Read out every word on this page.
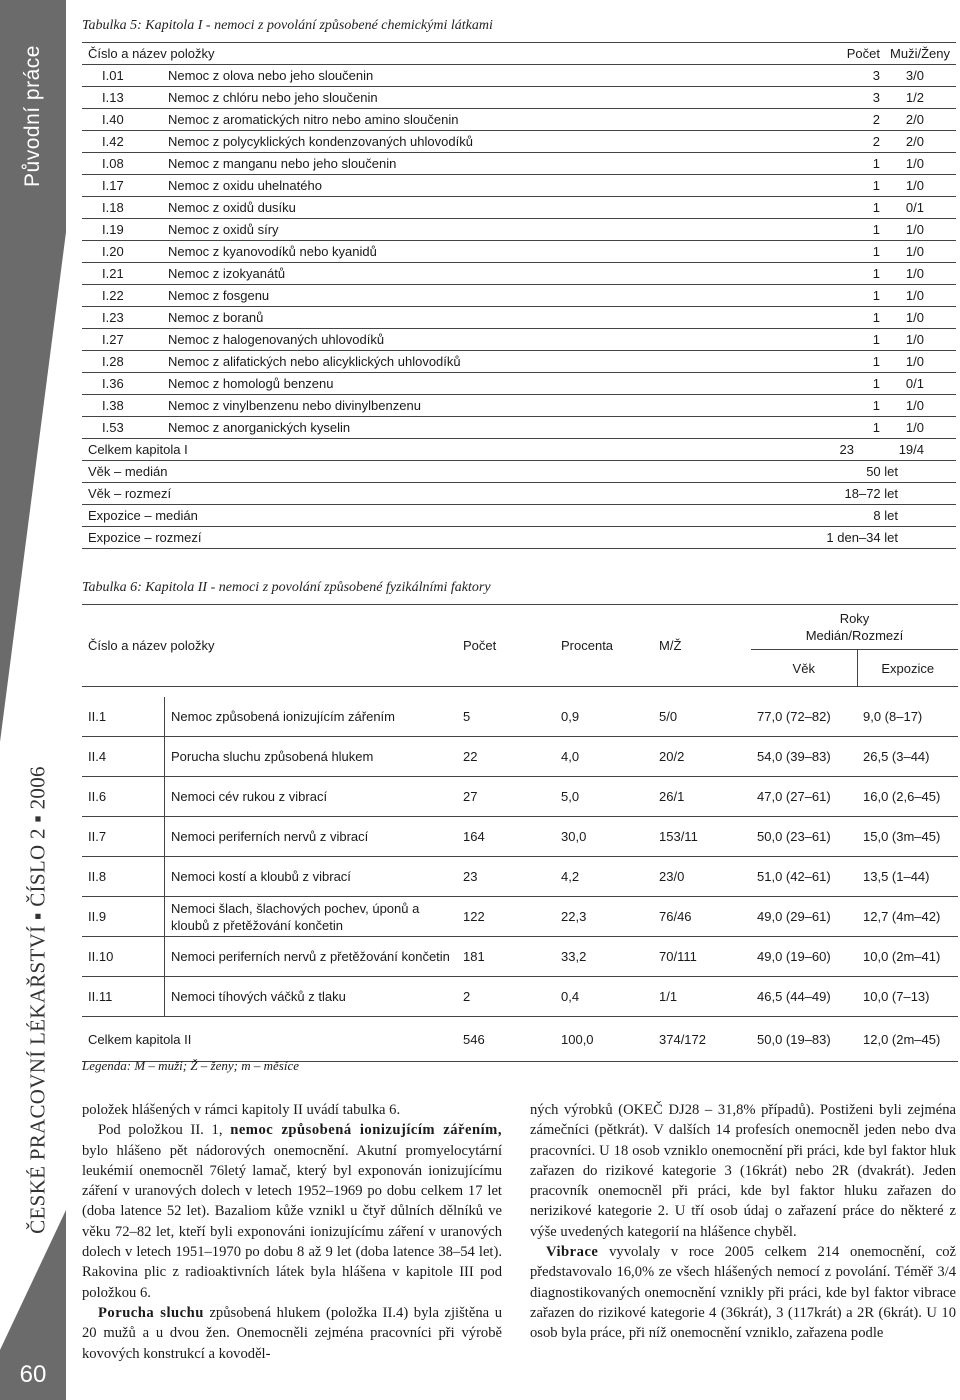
Původní práce
ČESKÉ PRACOVNÍ LÉKAŘSTVÍ ▪ ČÍSLO 2 ▪ 2006
60
Tabulka 5: Kapitola I - nemoci z povolání způsobené chemickými látkami
Číslo a název položky		Počet	Muži/Ženy
I.01	Nemoc z olova nebo jeho sloučenin	3	3/0
I.13	Nemoc z chlóru nebo jeho sloučenin	3	1/2
I.40	Nemoc z aromatických nitro nebo amino sloučenin	2	2/0
I.42	Nemoc z polycyklických kondenzovaných uhlovodíků	2	2/0
I.08	Nemoc z manganu nebo jeho sloučenin	1	1/0
I.17	Nemoc z oxidu uhelnatého	1	1/0
I.18	Nemoc z oxidů dusíku	1	0/1
I.19	Nemoc z oxidů síry	1	1/0
I.20	Nemoc z kyanovodíků nebo kyanidů	1	1/0
I.21	Nemoc z izokyanátů	1	1/0
I.22	Nemoc z fosgenu	1	1/0
I.23	Nemoc z boranů	1	1/0
I.27	Nemoc z halogenovaných uhlovodíků	1	1/0
I.28	Nemoc z alifatických nebo alicyklických uhlovodíků	1	1/0
I.36	Nemoc z homologů benzenu	1	0/1
I.38	Nemoc z vinylbenzenu nebo divinylbenzenu	1	1/0
I.53	Nemoc z anorganických kyselin	1	1/0
Celkem kapitola I		23	19/4
Věk – medián		50 let	
Věk – rozmezí		18–72 let	
Expozice – medián		8 let	
Expozice – rozmezí		1 den–34 let	
Tabulka 6: Kapitola II - nemoci z povolání způsobené fyzikálními faktory
Číslo a název položky		Počet	Procenta	M/Ž	Roky
Medián/Rozmezí	

					Věk	Expozice

II.1	Nemoc způsobená ionizujícím zářením	5	0,9	5/0	77,0 (72–82)	9,0 (8–17)
II.4	Porucha sluchu způsobená hlukem	22	4,0	20/2	54,0 (39–83)	26,5 (3–44)
II.6	Nemoci cév rukou z vibrací	27	5,0	26/1	47,0 (27–61)	16,0 (2,6–45)
II.7	Nemoci periferních nervů z vibrací	164	30,0	153/11	50,0 (23–61)	15,0 (3m–45)
II.8	Nemoci kostí a kloubů z vibrací	23	4,2	23/0	51,0 (42–61)	13,5 (1–44)
II.9	Nemoci šlach, šlachových pochev, úponů a kloubů z přetěžování končetin	122	22,3	76/46	49,0 (29–61)	12,7 (4m–42)
II.10	Nemoci periferních nervů z přetěžování končetin	181	33,2	70/111	49,0 (19–60)	10,0 (2m–41)
II.11	Nemoci tíhových váčků z tlaku	2	0,4	1/1	46,5 (44–49)	10,0 (7–13)
Celkem kapitola II		546	100,0	374/172	50,0 (19–83)	12,0 (2m–45)
Legenda: M – muži; Ž – ženy; m – měsíce

položek hlášených v rámci kapitoly II uvádí tabulka 6.

Pod položkou II. 1, nemoc způsobená ionizujícím zářením, bylo hlášeno pět nádorových onemocnění. Akutní promyelocytární leukémií onemocněl 76letý lamač, který byl exponován ionizujícímu záření v uranových dolech v letech 1952–1969 po dobu celkem 17 let (doba latence 52 let). Bazaliom kůže vznikl u čtyř důlních dělníků ve věku 72–82 let, kteří byli exponováni ionizujícímu záření v uranových dolech v letech 1951–1970 po dobu 8 až 9 let (doba latence 38–54 let). Rakovina plic z radioaktivních látek byla hlášena v kapitole III pod položkou 6.

Porucha sluchu způsobená hlukem (položka II.4) byla zjištěna u 20 mužů a u dvou žen. Onemocněli zejména pracovníci při výrobě kovových konstrukcí a kovoděl-

ných výrobků (OKEČ DJ28 – 31,8% případů). Postiženi byli zejména zámečníci (pětkrát). V dalších 14 profesích onemocněl jeden nebo dva pracovníci. U 18 osob vzniklo onemocnění při práci, kde byl faktor hluk zařazen do rizikové kategorie 3 (16krát) nebo 2R (dvakrát). Jeden pracovník onemocněl při práci, kde byl faktor hluku zařazen do nerizikové kategorie 2. U tří osob údaj o zařazení práce do některé z výše uvedených kategorií na hlášence chyběl.

Vibrace vyvolaly v roce 2005 celkem 214 onemocnění, což představovalo 16,0% ze všech hlášených nemocí z povolání. Téměř 3/4 diagnostikovaných onemocnění vznikly při práci, kde byl faktor vibrace zařazen do rizikové kategorie 4 (36krát), 3 (117krát) a 2R (6krát). U 10 osob byla práce, při níž onemocnění vzniklo, zařazena podle
